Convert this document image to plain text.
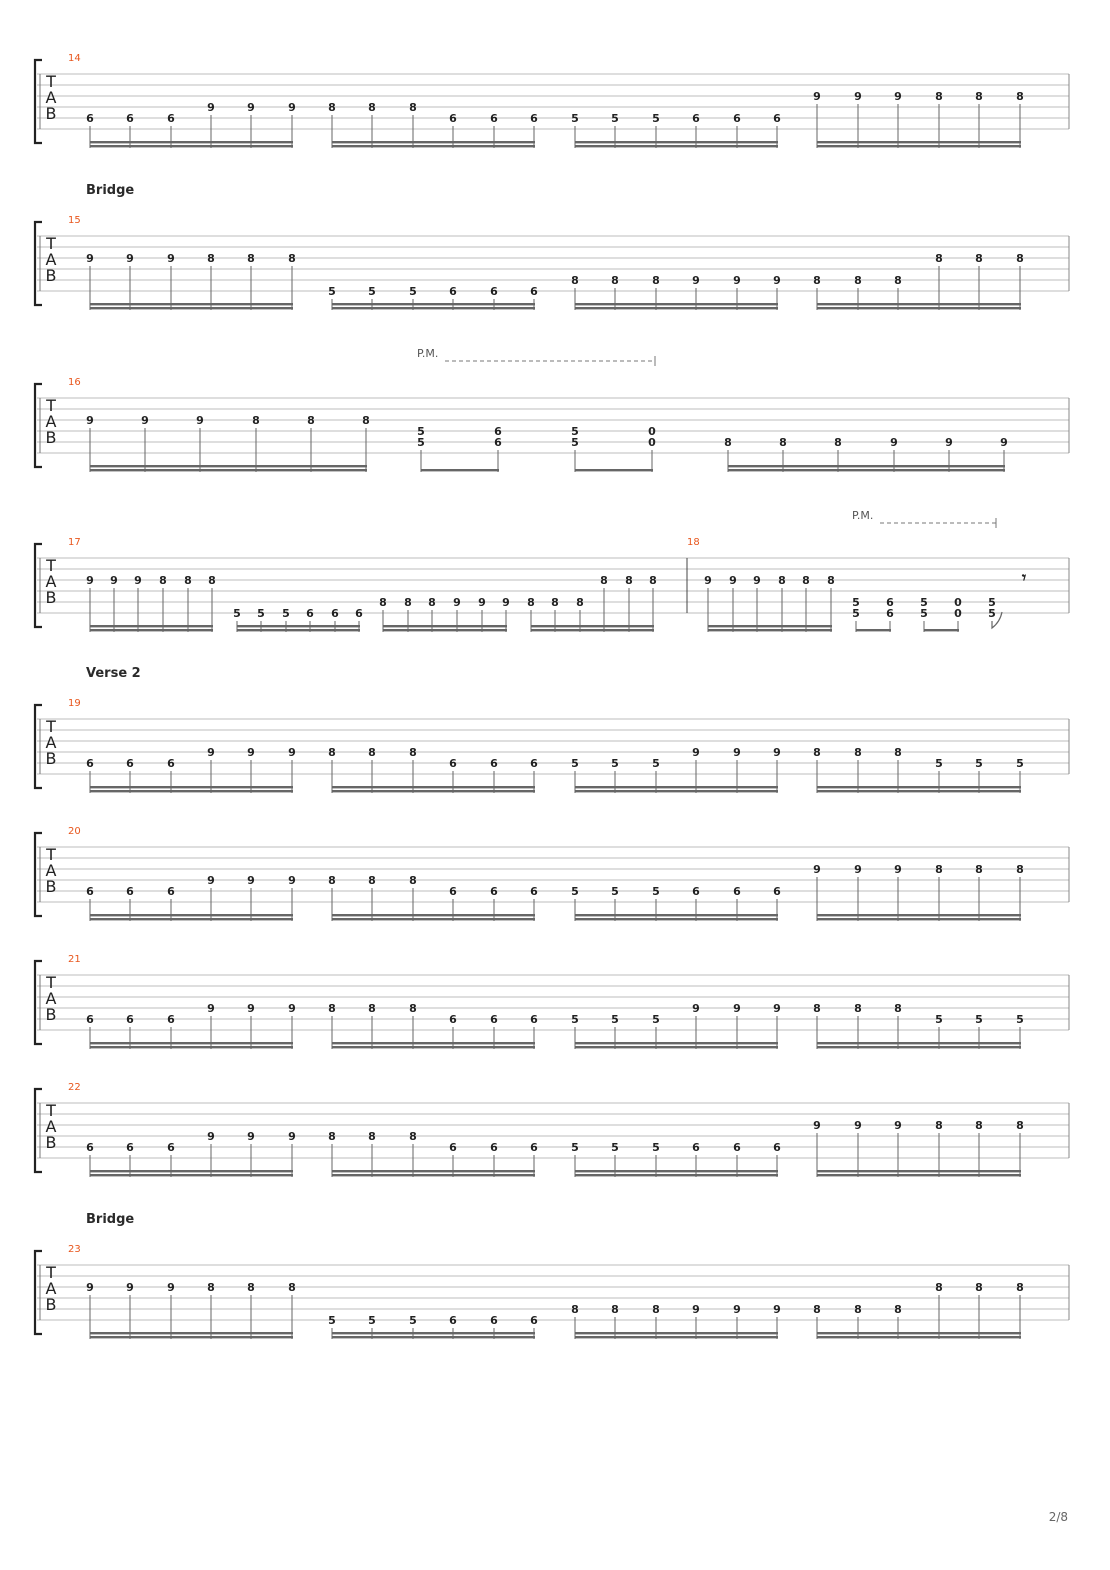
14
T
A
B	6	6	6
9	9	9	8	8	8
6	6	6	5	5	5	6	6	6
9	9	9	8	8	8
Bridge
15
T
A
B
9	9	9	8	8	8
5	5	5	6	6	6
8	8	8	9	9	9	8	8	8
8	8	8
16
T
A
B
P.M.
9	9	9	8	8	8
5
5
6
6
5
5
0
0	8	8	8	9	9	9
17	18
T
A
B
P.M.
9 9 9 8 8 8
5 5 5 6 6 6
8 8 8 9 9 9 8 8 8
8 8 8	9 9 9 8 8 8
5
5
6
6
5
5
0
0
5
5
𝄾
Verse 2
19
T
A
B	6	6	6
9	9	9	8	8	8
6	6	6	5	5	5
9	9	9	8	8	8
5	5	5
20
T
A
B	6	6	6
9	9	9	8	8	8
6	6	6	5	5	5	6	6	6
9	9	9	8	8	8
21
T
A
B	6	6	6
9	9	9	8	8	8
6	6	6	5	5	5
9	9	9	8	8	8
5	5	5
22
T
A
B	6	6	6
9	9	9	8	8	8
6	6	6	5	5	5	6	6	6
9	9	9	8	8	8
Bridge
23
T
A
B
9	9	9	8	8	8
5	5	5	6	6	6
8	8	8	9	9	9	8	8	8
8	8	8
2/8
